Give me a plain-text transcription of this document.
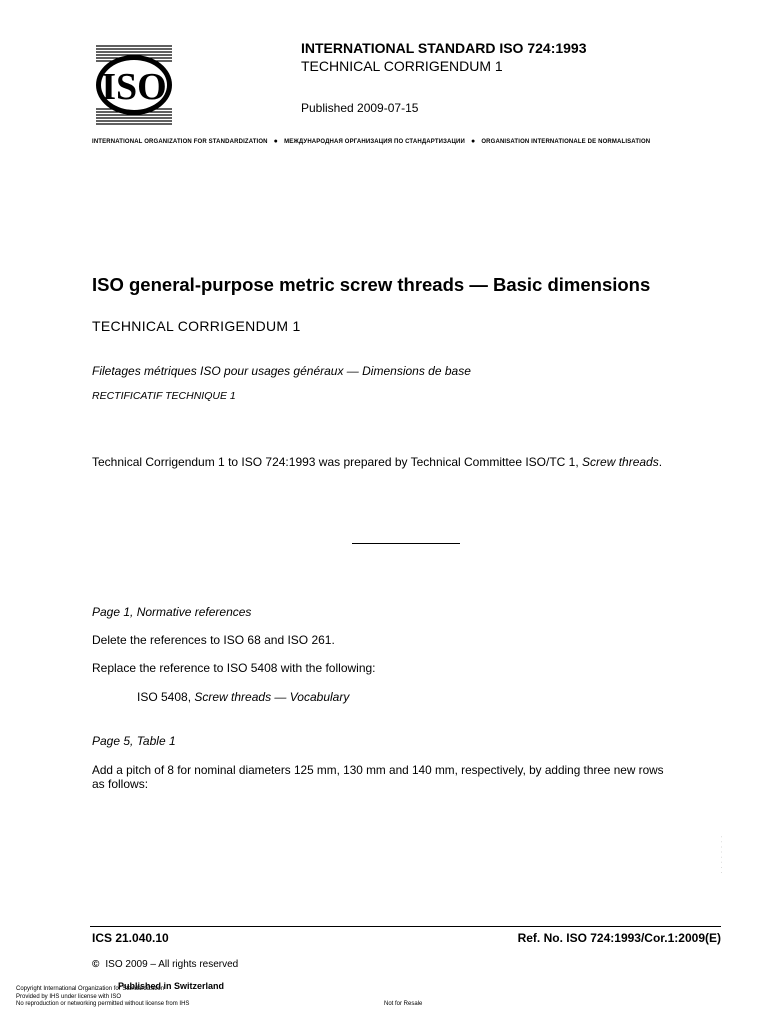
ISO
INTERNATIONAL STANDARD ISO 724:1993
TECHNICAL CORRIGENDUM 1
Published 2009-07-15
INTERNATIONAL ORGANIZATION FOR STANDARDIZATION ● МЕЖДУНАРОДНАЯ ОРГАНИЗАЦИЯ ПО СТАНДАРТИЗАЦИИ ● ORGANISATION INTERNATIONALE DE NORMALISATION
ISO general-purpose metric screw threads — Basic dimensions
TECHNICAL CORRIGENDUM 1
Filetages métriques ISO pour usages généraux — Dimensions de base
RECTIFICATIF TECHNIQUE 1
Technical Corrigendum 1 to ISO 724:1993 was prepared by Technical Committee ISO/TC 1, Screw threads.
Page 1, Normative references
Delete the references to ISO 68 and ISO 261.
Replace the reference to ISO 5408 with the following:
ISO 5408, Screw threads — Vocabulary
Page 5, Table 1
Add a pitch of 8 for nominal diameters 125 mm, 130 mm and 140 mm, respectively, by adding three new rows
as follows:
· · · · · · · ·
ICS 21.040.10	Ref. No. ISO 724:1993/Cor.1:2009(E)
© ISO 2009 – All rights reserved
Published in Switzerland
Copyright International Organization for Standardization
Provided by IHS under license with ISO
No reproduction or networking permitted without license from IHS	Not for Resale
